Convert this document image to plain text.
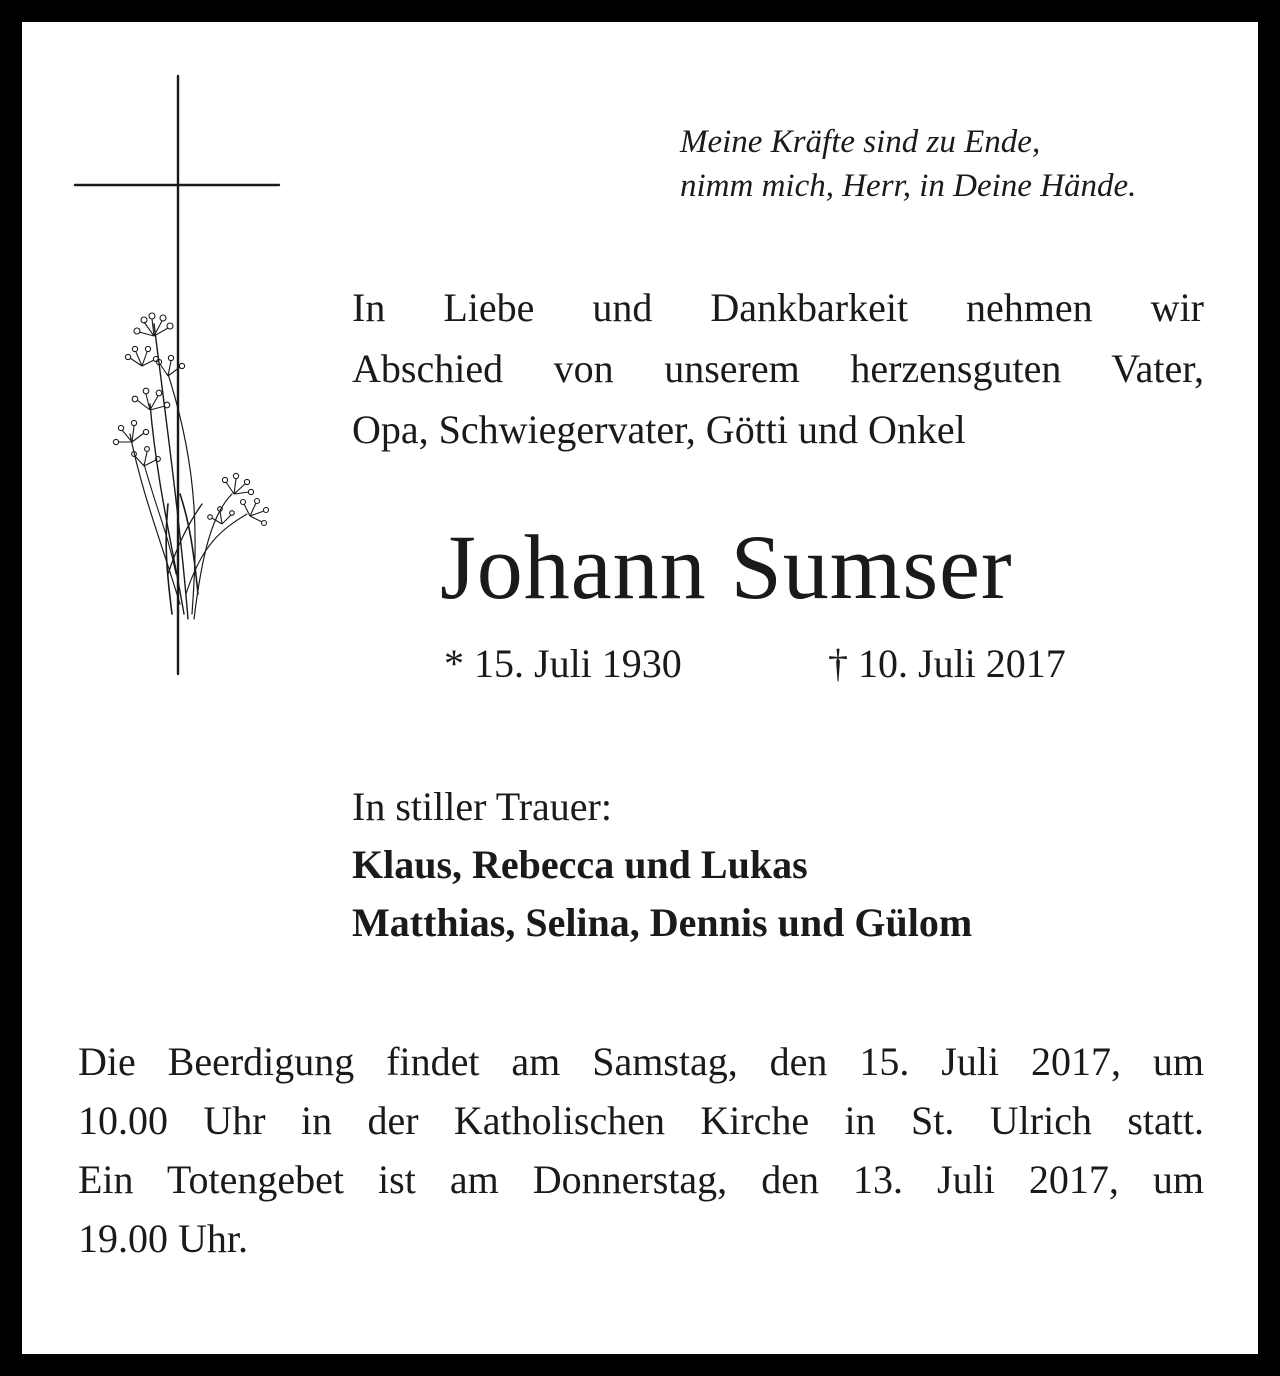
Meine Kräfte sind zu Ende,
nimm mich, Herr, in Deine Hände.
In Liebe und Dankbarkeit nehmen wir
Abschied von unserem herzensguten Vater,
Opa, Schwiegervater, Götti und Onkel
Johann Sumser
* 15. Juli 1930	† 10. Juli 2017
In stiller Trauer:
Klaus, Rebecca und Lukas
Matthias, Selina, Dennis und Gülom
Die Beerdigung findet am Samstag, den 15. Juli 2017, um
10.00 Uhr in der Katholischen Kirche in St. Ulrich statt.
Ein Totengebet ist am Donnerstag, den 13. Juli 2017, um
19.00 Uhr.
